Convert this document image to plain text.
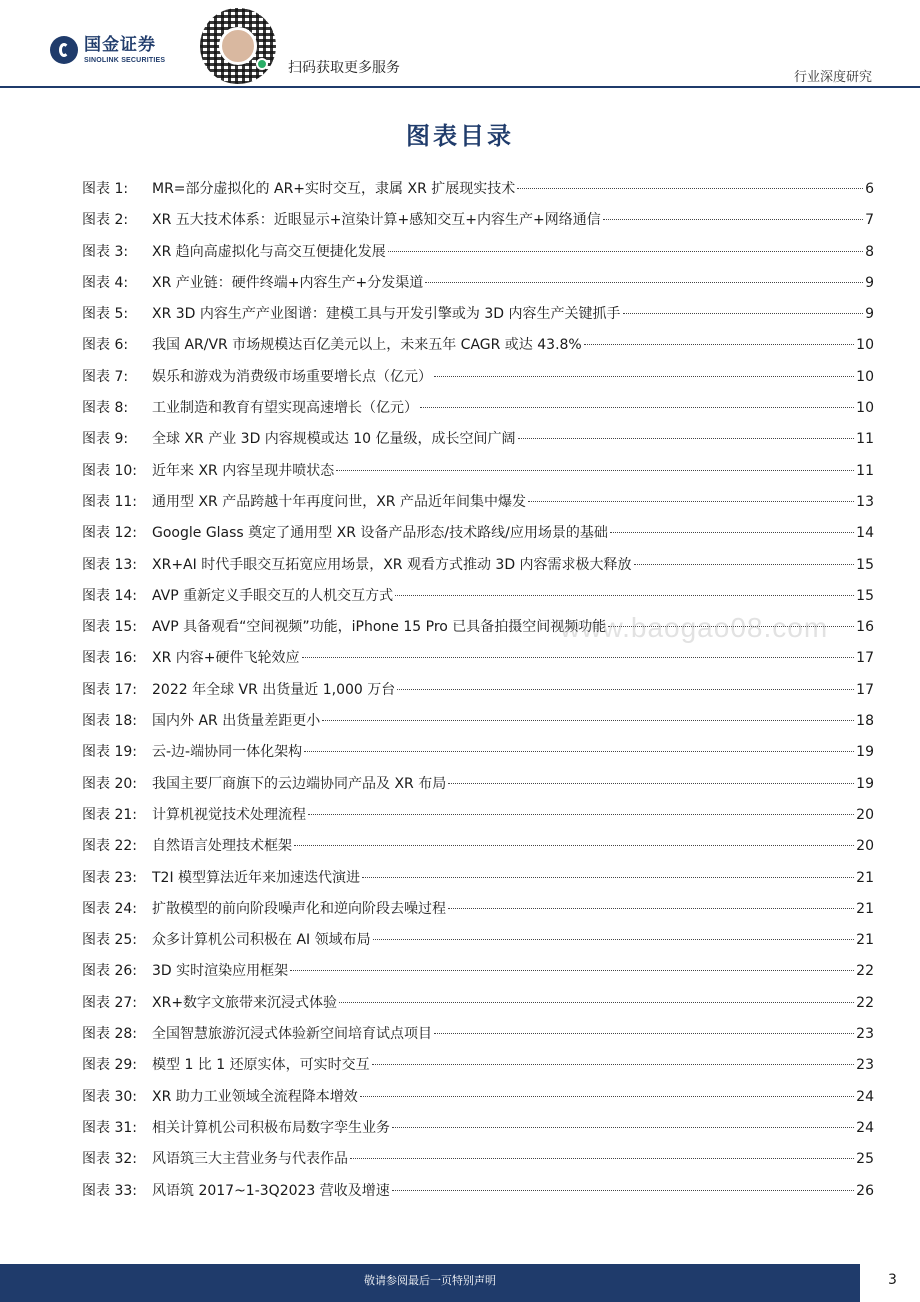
国金证券
SINOLINK SECURITIES	扫码获取更多服务
行业深度研究
图表目录
图表 1:	MR=部分虚拟化的 AR+实时交互，隶属 XR 扩展现实技术	6
图表 2:	XR 五大技术体系：近眼显示+渲染计算+感知交互+内容生产+网络通信	7
图表 3:	XR 趋向高虚拟化与高交互便捷化发展	8
图表 4:	XR 产业链：硬件终端+内容生产+分发渠道	9
图表 5:	XR 3D 内容生产产业图谱：建模工具与开发引擎或为 3D 内容生产关键抓手	9
图表 6:	我国 AR/VR 市场规模达百亿美元以上，未来五年 CAGR 或达 43.8%	10
图表 7:	娱乐和游戏为消费级市场重要增长点（亿元）	10
图表 8:	工业制造和教育有望实现高速增长（亿元）	10
图表 9:	全球 XR 产业 3D 内容规模或达 10 亿量级，成长空间广阔	11
图表 10:	近年来 XR 内容呈现井喷状态	11
图表 11:	通用型 XR 产品跨越十年再度问世，XR 产品近年间集中爆发	13
图表 12:	Google Glass 奠定了通用型 XR 设备产品形态/技术路线/应用场景的基础	14
图表 13:	XR+AI 时代手眼交互拓宽应用场景，XR 观看方式推动 3D 内容需求极大释放	15
图表 14:	AVP 重新定义手眼交互的人机交互方式	15
图表 15:	AVP 具备观看“空间视频”功能，iPhone 15 Pro 已具备拍摄空间视频功能	16
图表 16:	XR 内容+硬件飞轮效应	17
图表 17:	2022 年全球 VR 出货量近 1,000 万台	17
图表 18:	国内外 AR 出货量差距更小	18
图表 19:	云-边-端协同一体化架构	19
图表 20:	我国主要厂商旗下的云边端协同产品及 XR 布局	19
图表 21:	计算机视觉技术处理流程	20
图表 22:	自然语言处理技术框架	20
图表 23:	T2I 模型算法近年来加速迭代演进	21
图表 24:	扩散模型的前向阶段噪声化和逆向阶段去噪过程	21
图表 25:	众多计算机公司积极在 AI 领域布局	21
图表 26:	3D 实时渲染应用框架	22
图表 27:	XR+数字文旅带来沉浸式体验	22
图表 28:	全国智慧旅游沉浸式体验新空间培育试点项目	23
图表 29:	模型 1 比 1 还原实体，可实时交互	23
图表 30:	XR 助力工业领域全流程降本增效	24
图表 31:	相关计算机公司积极布局数字孪生业务	24
图表 32:	风语筑三大主营业务与代表作品	25
图表 33:	风语筑 2017~1-3Q2023 营收及增速	26
www.baogao08.com
敬请参阅最后一页特别声明	3
